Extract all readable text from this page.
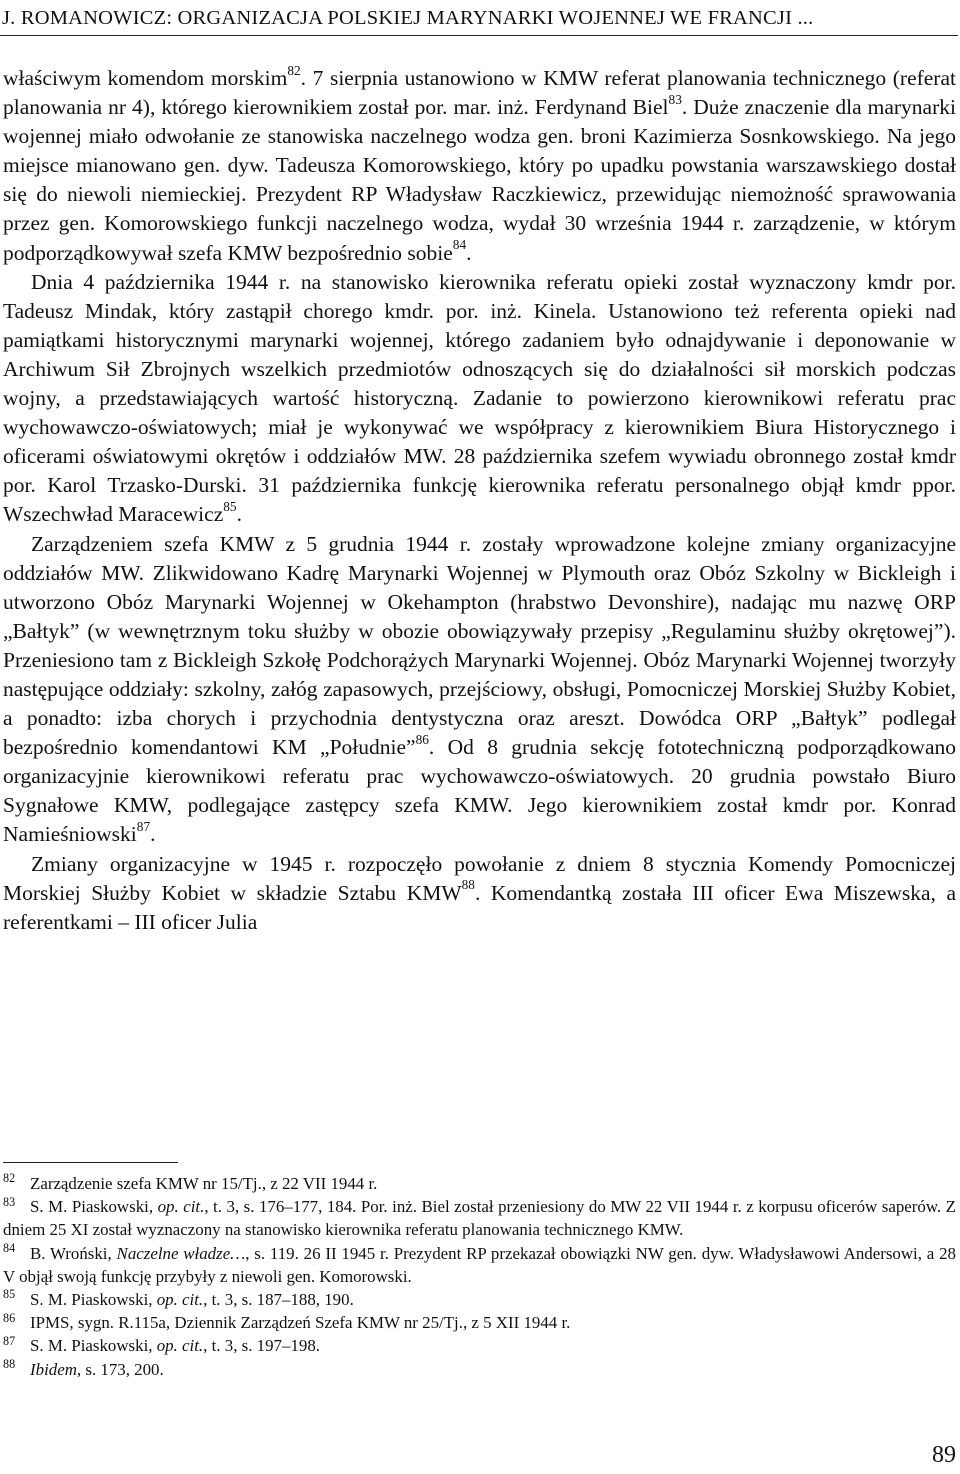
J. ROMANOWICZ: ORGANIZACJA POLSKIEJ MARYNARKI WOJENNEJ WE FRANCJI ...

właściwym komendom morskim$^{82}$. 7 sierpnia ustanowiono w KMW referat planowania technicznego (referat planowania nr 4), którego kierownikiem został por. mar. inż. Ferdynand Biel$^{83}$. Duże znaczenie dla marynarki wojennej miało odwołanie ze stanowiska naczelnego wodza gen. broni Kazimierza Sosnkowskiego. Na jego miejsce mianowano gen. dyw. Tadeusza Komorowskiego, który po upadku powstania warszawskiego dostał się do niewoli niemieckiej. Prezydent RP Władysław Raczkiewicz, przewidując niemożność sprawowania przez gen. Komorowskiego funkcji naczelnego wodza, wydał 30 września 1944 r. zarządzenie, w którym podporządkowywał szefa KMW bezpośrednio sobie$^{84}$.

Dnia 4 października 1944 r. na stanowisko kierownika referatu opieki został wyznaczony kmdr por. Tadeusz Mindak, który zastąpił chorego kmdr. por. inż. Kinela. Ustanowiono też referenta opieki nad pamiątkami historycznymi marynarki wojennej, którego zadaniem było odnajdywanie i deponowanie w Archiwum Sił Zbrojnych wszelkich przedmiotów odnoszących się do działalności sił morskich podczas wojny, a przedstawiających wartość historyczną. Zadanie to powierzono kierownikowi referatu prac wychowawczo-oświatowych; miał je wykonywać we współpracy z kierownikiem Biura Historycznego i oficerami oświatowymi okrętów i oddziałów MW. 28 października szefem wywiadu obronnego został kmdr por. Karol Trzasko-Durski. 31 października funkcję kierownika referatu personalnego objął kmdr ppor. Wszechwład Maracewicz$^{85}$.

Zarządzeniem szefa KMW z 5 grudnia 1944 r. zostały wprowadzone kolejne zmiany organizacyjne oddziałów MW. Zlikwidowano Kadrę Marynarki Wojennej w Plymouth oraz Obóz Szkolny w Bickleigh i utworzono Obóz Marynarki Wojennej w Okehampton (hrabstwo Devonshire), nadając mu nazwę ORP „Bałtyk” (w wewnętrznym toku służby w obozie obowiązywały przepisy „Regulaminu służby okrętowej”). Przeniesiono tam z Bickleigh Szkołę Podchorążych Marynarki Wojennej. Obóz Marynarki Wojennej tworzyły następujące oddziały: szkolny, załóg zapasowych, przejściowy, obsługi, Pomocniczej Morskiej Służby Kobiet, a ponadto: izba chorych i przychodnia dentystyczna oraz areszt. Dowódca ORP „Bałtyk” podlegał bezpośrednio komendantowi KM „Południe”$^{86}$. Od 8 grudnia sekcję fototechniczną podporządkowano organizacyjnie kierownikowi referatu prac wychowawczo-oświatowych. 20 grudnia powstało Biuro Sygnałowe KMW, podlegające zastępcy szefa KMW. Jego kierownikiem został kmdr por. Konrad Namieśniowski$^{87}$.

Zmiany organizacyjne w 1945 r. rozpoczęło powołanie z dniem 8 stycznia Komendy Pomocniczej Morskiej Służby Kobiet w składzie Sztabu KMW$^{88}$. Komendantką została III oficer Ewa Miszewska, a referentkami – III oficer Julia

82 Zarządzenie szefa KMW nr 15/Tj., z 22 VII 1944 r.

83 S. M. Piaskowski, op. cit., t. 3, s. 176–177, 184. Por. inż. Biel został przeniesiony do MW 22 VII 1944 r. z korpusu oficerów saperów. Z dniem 25 XI został wyznaczony na stanowisko kierownika referatu planowania technicznego KMW.

84 B. Wroński, Naczelne władze…, s. 119. 26 II 1945 r. Prezydent RP przekazał obowiązki NW gen. dyw. Władysławowi Andersowi, a 28 V objął swoją funkcję przybyły z niewoli gen. Komorowski.

85 S. M. Piaskowski, op. cit., t. 3, s. 187–188, 190.

86 IPMS, sygn. R.115a, Dziennik Zarządzeń Szefa KMW nr 25/Tj., z 5 XII 1944 r.

87 S. M. Piaskowski, op. cit., t. 3, s. 197–198.

88 Ibidem, s. 173, 200.

89
